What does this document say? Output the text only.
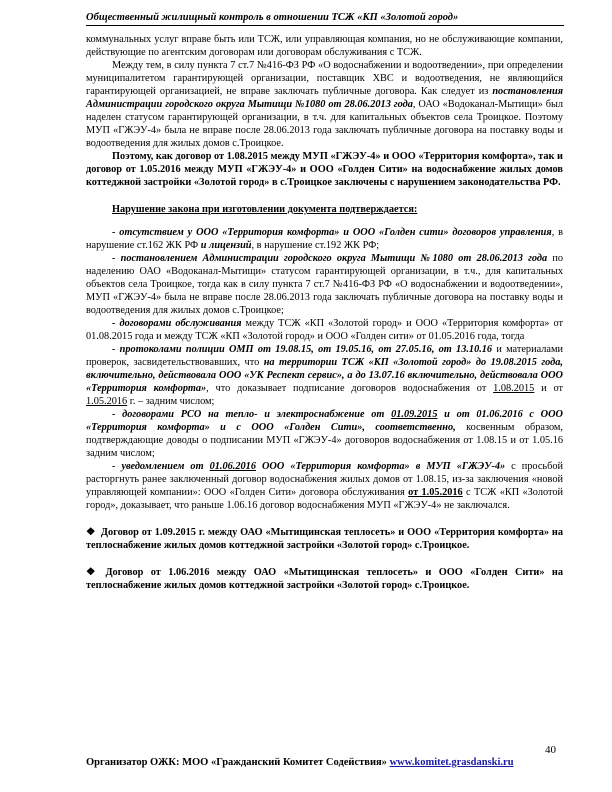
Общественный жилищный контроль в отношении ТСЖ «КП «Золотой город»

коммунальных услуг вправе быть или ТСЖ, или управляющая компания, но не обслуживающие компании, действующие по агентским договорам или договорам обслуживания с ТСЖ.

Между тем, в силу пункта 7 ст.7 №416-ФЗ РФ «О водоснабжении и водоотведении», при определении муниципалитетом гарантирующей организации, поставщик ХВС и водоотведения, не являющийся гарантирующей организацией, не вправе заключать публичные договора. Как следует из постановления Администрации городского округа Мытищи №1080 от 28.06.2013 года, ОАО «Водоканал-Мытищи» был наделен статусом гарантирующей организации, в т.ч. для капитальных объектов села Троицкое. Поэтому МУП «ГЖЭУ-4» была не вправе после 28.06.2013 года заключать публичные договора на поставку воды и водоотведения для жилых домов с.Троицкое.

Поэтому, как договор от 1.08.2015 между МУП «ГЖЭУ-4» и ООО «Территория комфорта», так и договор от 1.05.2016 между МУП «ГЖЭУ-4» и ООО «Голден Сити» на водоснабжение жилых домов коттеджной застройки «Золотой город» в с.Троицкое заключены с нарушением законодательства РФ.

Нарушение закона при изготовлении документа подтверждается:

- отсутствием у ООО «Территория комфорта» и ООО «Голден сити» договоров управления, в нарушение ст.162 ЖК РФ и лицензий, в нарушение ст.192 ЖК РФ;

- постановлением Администрации городского округа Мытищи №1080 от 28.06.2013 года по наделению ОАО «Водоканал-Мытищи» статусом гарантирующей организации, в т.ч., для капитальных объектов села Троицкое, тогда как в силу пункта 7 ст.7 №416-ФЗ РФ «О водоснабжении и водоотведении», МУП «ГЖЭУ-4» была не вправе после 28.06.2013 года заключать публичные договора на поставку воды и водоотведения для жилых домов с.Троицкое;

- договорами обслуживания между ТСЖ «КП «Золотой город» и ООО «Территория комфорта» от 01.08.2015 года и между ТСЖ «КП «Золотой город» и ООО «Голден сити» от 01.05.2016 года, тогда

- протоколами полиции ОМП от 19.08.15, от 19.05.16, от 27.05.16, от 13.10.16 и материалами проверок, засвидетельствовавших, что на территории ТСЖ «КП «Золотой город» до 19.08.2015 года, включительно, действовала ООО «УК Респект сервис», а до 13.07.16 включительно, действовала ООО «Территория комфорта», что доказывает подписание договоров водоснабжения от 1.08.2015 и от 1.05.2016 г. – задним числом;

- договорами РСО на тепло- и электроснабжение от 01.09.2015 и от 01.06.2016 с ООО «Территория комфорта» и с ООО «Голден Сити», соответственно, косвенным образом, подтверждающие доводы о подписании МУП «ГЖЭУ-4» договоров водоснабжения от 1.08.15 и от 1.05.16 задним числом;

- уведомлением от 01.06.2016 ООО «Территория комфорта» в МУП «ГЖЭУ-4» с просьбой расторгнуть ранее заключенный договор водоснабжения жилых домов от 1.08.15, из-за заключения «новой управляющей компании»: ООО «Голден Сити» договора обслуживания от 1.05.2016 с ТСЖ «КП «Золотой город», доказывает, что раньше 1.06.16 договор водоснабжения МУП «ГЖЭУ-4» не заключался.

❖ Договор от 1.09.2015 г. между ОАО «Мытищинская теплосеть» и ООО «Территория комфорта» на теплоснабжение жилых домов коттеджной застройки «Золотой город» с.Троицкое.

❖ Договор от 1.06.2016 между ОАО «Мытищинская теплосеть» и ООО «Голден Сити» на теплоснабжение жилых домов коттеджной застройки «Золотой город» с.Троицкое.

40
Организатор ОЖК: МОО «Гражданский Комитет Содействия» www.komitet.grasdanski.ru
